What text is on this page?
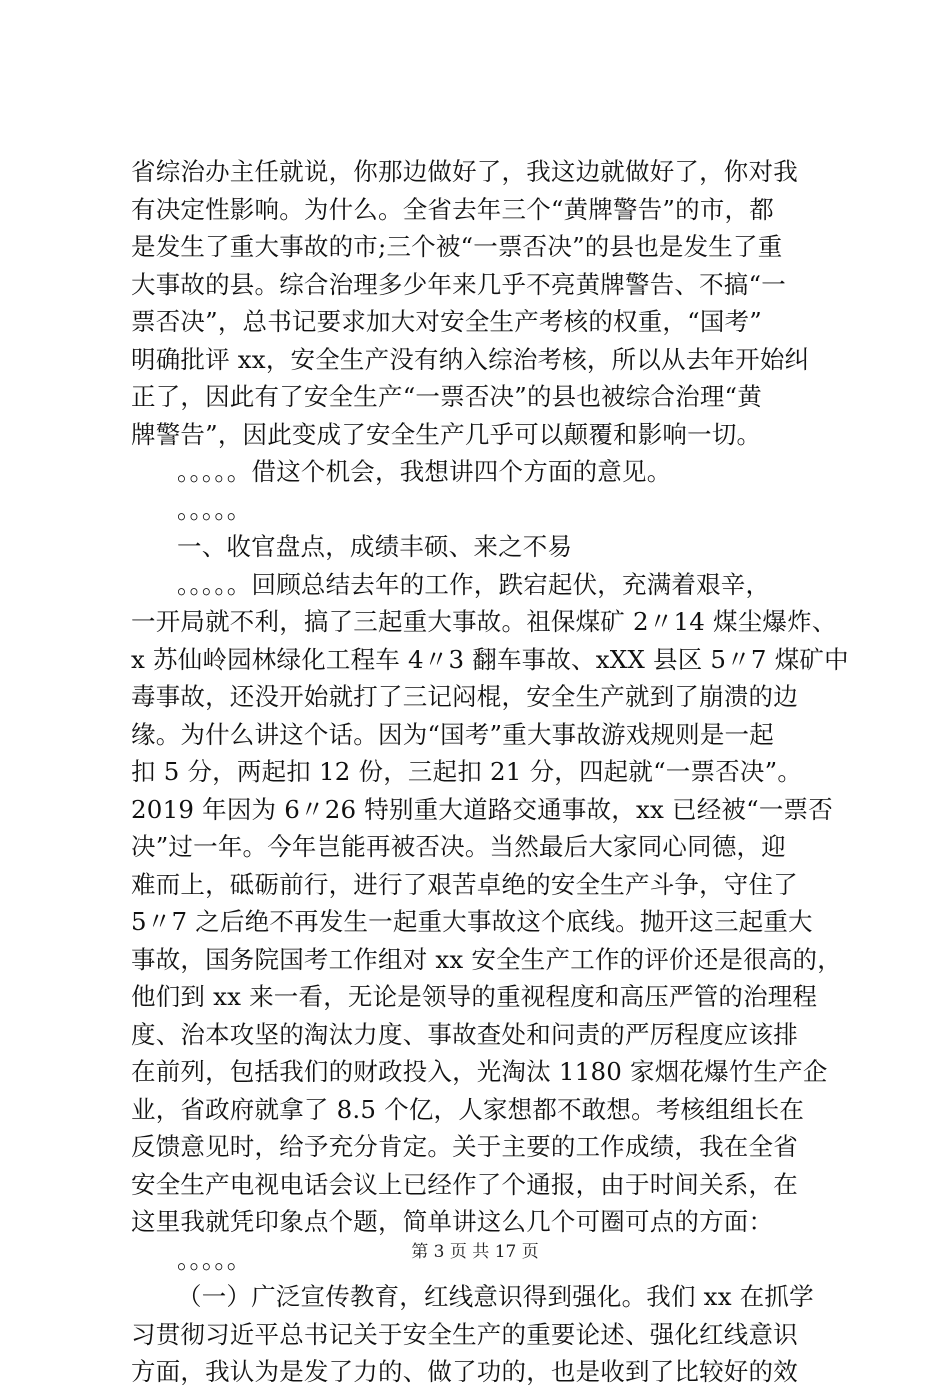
省综治办主任就说，你那边做好了，我这边就做好了，你对我
有决定性影响。为什么。全省去年三个“黄牌警告”的市，都
是发生了重大事故的市;三个被“一票否决”的县也是发生了重
大事故的县。综合治理多少年来几乎不亮黄牌警告、不搞“一
票否决”，总书记要求加大对安全生产考核的权重，“国考”
明确批评 xx，安全生产没有纳入综治考核，所以从去年开始纠
正了，因此有了安全生产“一票否决”的县也被综合治理“黄
牌警告”，因此变成了安全生产几乎可以颠覆和影响一切。
。。。。。借这个机会，我想讲四个方面的意见。
。。。。。
一、收官盘点，成绩丰硕、来之不易
。。。。。回顾总结去年的工作，跌宕起伏，充满着艰辛，
一开局就不利，搞了三起重大事故。祖保煤矿 2〃14 煤尘爆炸、
x 苏仙岭园林绿化工程车 4〃3 翻车事故、xXX 县区 5〃7 煤矿中
毒事故，还没开始就打了三记闷棍，安全生产就到了崩溃的边
缘。为什么讲这个话。因为“国考”重大事故游戏规则是一起
扣 5 分，两起扣 12 份，三起扣 21 分，四起就“一票否决”。
2019 年因为 6〃26 特别重大道路交通事故，xx 已经被“一票否
决”过一年。今年岂能再被否决。当然最后大家同心同德，迎
难而上，砥砺前行，进行了艰苦卓绝的安全生产斗争，守住了
5〃7 之后绝不再发生一起重大事故这个底线。抛开这三起重大
事故，国务院国考工作组对 xx 安全生产工作的评价还是很高的，
他们到 xx 来一看，无论是领导的重视程度和高压严管的治理程
度、治本攻坚的淘汰力度、事故查处和问责的严厉程度应该排
在前列，包括我们的财政投入，光淘汰 1180 家烟花爆竹生产企
业，省政府就拿了 8.5 个亿，人家想都不敢想。考核组组长在
反馈意见时，给予充分肯定。关于主要的工作成绩，我在全省
安全生产电视电话会议上已经作了个通报，由于时间关系，在
这里我就凭印象点个题，简单讲这么几个可圈可点的方面：
。。。。。
（一）广泛宣传教育，红线意识得到强化。我们 xx 在抓学
习贯彻习近平总书记关于安全生产的重要论述、强化红线意识
方面，我认为是发了力的、做了功的，也是收到了比较好的效
第 3 页 共 17 页
